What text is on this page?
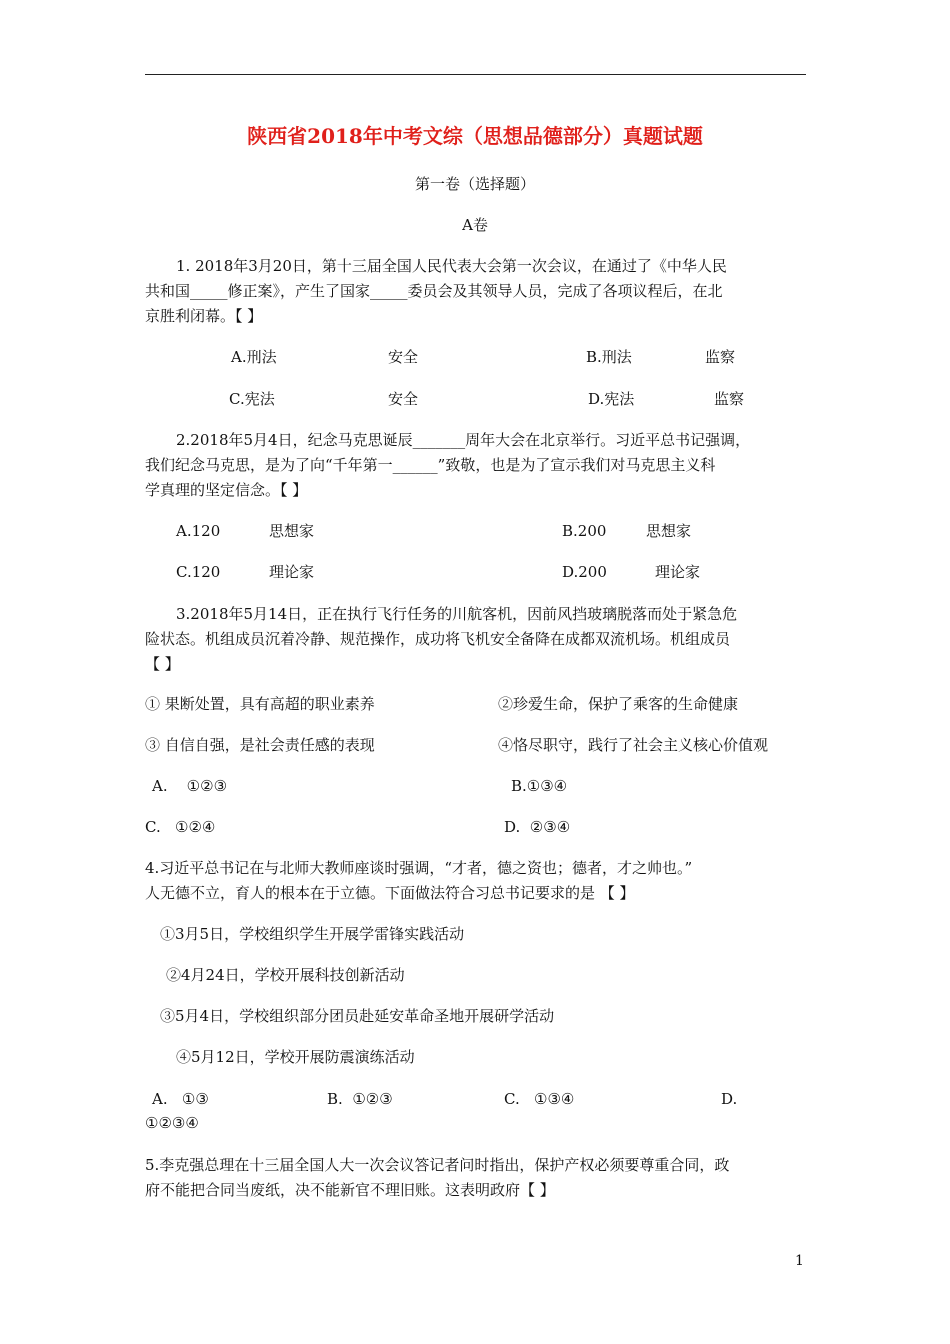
陕西省2018年中考文综（思想品德部分）真题试题
第一卷（选择题）
A卷
1. 2018年3月20日，第十三届全国人民代表大会第一次会议，在通过了《中华人民
共和国_____修正案》，产生了国家_____委员会及其领导人员，完成了各项议程后，在北
京胜利闭幕。【 】
A.刑法	安全	B.刑法	监察
C.宪法	安全	D.宪法	监察
2.2018年5月4日，纪念马克思诞辰_______周年大会在北京举行。习近平总书记强调，
我们纪念马克思，是为了向“千年第一______”致敬，也是为了宣示我们对马克思主义科
学真理的坚定信念。【 】
A.120	思想家	B.200	思想家
C.120	理论家	D.200	理论家
3.2018年5月14日，正在执行飞行任务的川航客机，因前风挡玻璃脱落而处于紧急危
险状态。机组成员沉着冷静、规范操作，成功将飞机安全备降在成都双流机场。机组成员
【 】
① 果断处置，具有高超的职业素养	②珍爱生命，保护了乘客的生命健康
③ 自信自强，是社会责任感的表现	④恪尽职守，践行了社会主义核心价值观
A.    ①②③	B.①③④
C.   ①②④	D.  ②③④
4.习近平总书记在与北师大教师座谈时强调，“才者，德之资也；德者，才之帅也。”
人无德不立，育人的根本在于立德。下面做法符合习总书记要求的是 【 】
①3月5日，学校组织学生开展学雷锋实践活动
②4月24日，学校开展科技创新活动
③5月4日，学校组织部分团员赴延安革命圣地开展研学活动
④5月12日，学校开展防震演练活动
A.   ①③	B.  ①②③	C.   ①③④	D.
①②③④
5.李克强总理在十三届全国人大一次会议答记者问时指出，保护产权必须要尊重合同，政
府不能把合同当废纸，决不能新官不理旧账。这表明政府【 】
1
